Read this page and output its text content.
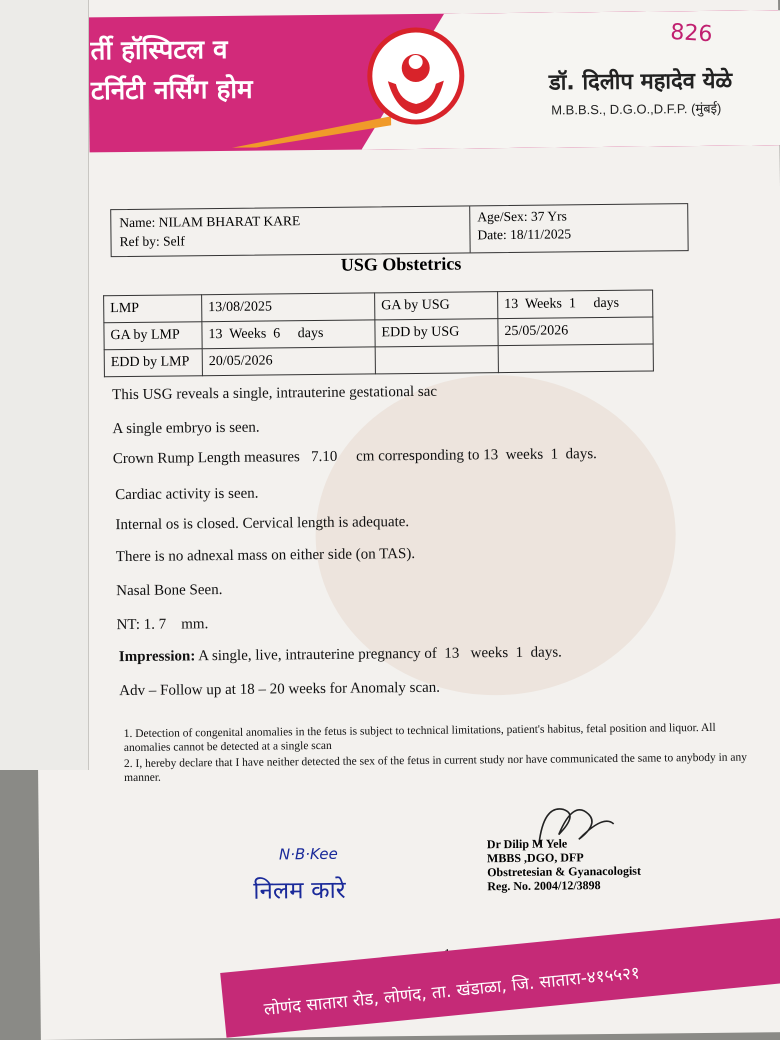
र्ती हॉस्पिटल व
टर्निटी नर्सिंग होम
826
डॉ. दिलीप महादेव येळे
M.B.B.S., D.G.O.,D.F.P. (मुंबई)
Name: NILAM BHARAT KARE
Ref by: Self
Age/Sex: 37 Yrs
Date: 18/11/2025
USG Obstetrics
LMP	13/08/2025	GA by USG	13  Weeks  1     days
GA by LMP	13  Weeks  6     days	EDD by USG	25/05/2026
EDD by LMP	20/05/2026		
This USG reveals a single, intrauterine gestational sac
A single embryo is seen.
Crown Rump Length measures   7.10     cm corresponding to 13  weeks  1  days.
Cardiac activity is seen.
Internal os is closed. Cervical length is adequate.
There is no adnexal mass on either side (on TAS).
Nasal Bone Seen.
NT: 1. 7    mm.
Impression: A single, live, intrauterine pregnancy of  13   weeks  1  days.
Adv – Follow up at 18 – 20 weeks for Anomaly scan.
1. Detection of congenital anomalies in the fetus is subject to technical limitations, patient's habitus, fetal position and liquor. All anomalies cannot be detected at a single scan
2. I, hereby declare that I have neither detected the sex of the fetus in current study nor have communicated the same to anybody in any manner.
N·B·Kee
निलम कारे
Dr Dilip M Yele
MBBS ,DGO, DFP
Obstretesian & Gyanacologist
Reg. No. 2004/12/3898
लोणंद सातारा रोड, लोणंद, ता. खंडाळा, जि. सातारा-४१५५२१
